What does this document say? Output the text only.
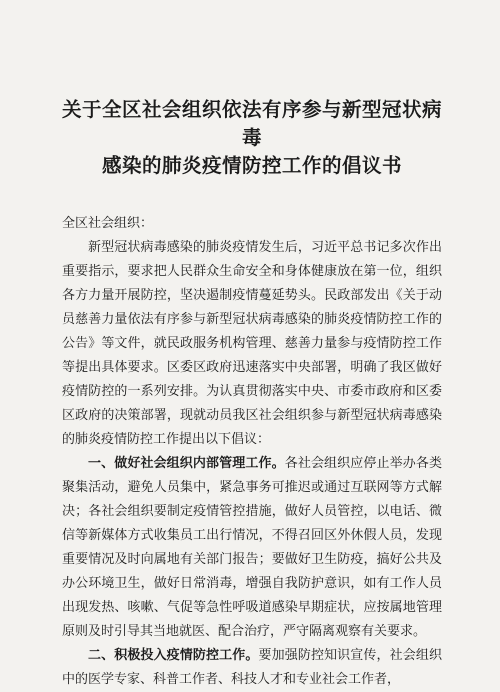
关于全区社会组织依法有序参与新型冠状病毒
感染的肺炎疫情防控工作的倡议书
全区社会组织：

新型冠状病毒感染的肺炎疫情发生后，习近平总书记多次作出重要指示，要求把人民群众生命安全和身体健康放在第一位，组织各方力量开展防控，坚决遏制疫情蔓延势头。民政部发出《关于动员慈善力量依法有序参与新型冠状病毒感染的肺炎疫情防控工作的公告》等文件，就民政服务机构管理、慈善力量参与疫情防控工作等提出具体要求。区委区政府迅速落实中央部署，明确了我区做好疫情防控的一系列安排。为认真贯彻落实中央、市委市政府和区委区政府的决策部署，现就动员我区社会组织参与新型冠状病毒感染的肺炎疫情防控工作提出以下倡议：

一、做好社会组织内部管理工作。各社会组织应停止举办各类聚集活动，避免人员集中，紧急事务可推迟或通过互联网等方式解决；各社会组织要制定疫情管控措施，做好人员管控，以电话、微信等新媒体方式收集员工出行情况，不得召回区外休假人员，发现重要情况及时向属地有关部门报告；要做好卫生防疫，搞好公共及办公环境卫生，做好日常消毒，增强自我防护意识，如有工作人员出现发热、咳嗽、气促等急性呼吸道感染早期症状，应按属地管理原则及时引导其当地就医、配合治疗，严守隔离观察有关要求。

二、积极投入疫情防控工作。要加强防控知识宣传，社会组织中的医学专家、科普工作者、科技人才和专业社会工作者，
